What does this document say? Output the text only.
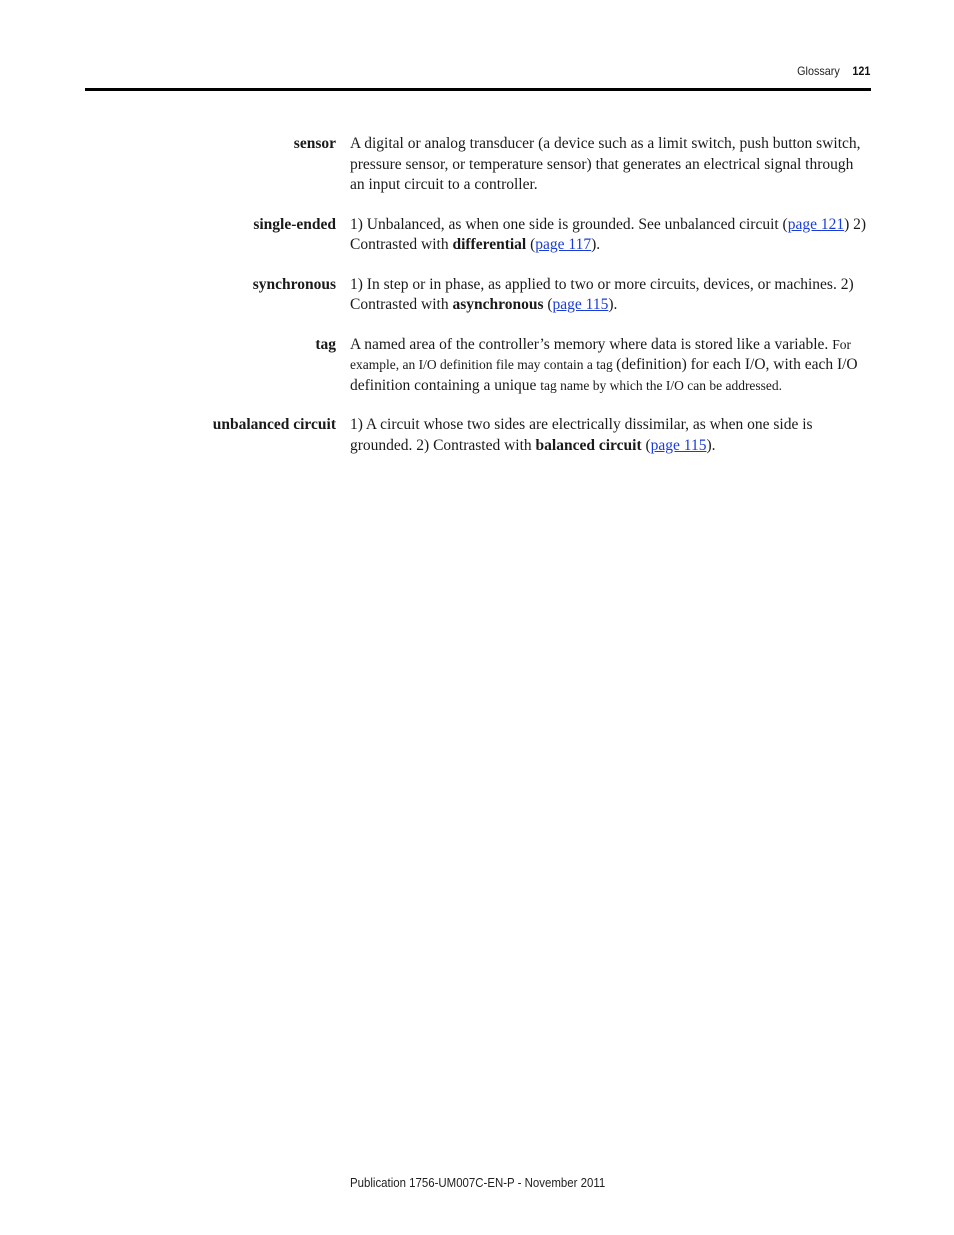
Glossary 121
sensor A digital or analog transducer (a device such as a limit switch, push button switch, pressure sensor, or temperature sensor) that generates an electrical signal through an input circuit to a controller.
single-ended 1) Unbalanced, as when one side is grounded. See unbalanced circuit (page 121) 2) Contrasted with differential (page 117).
synchronous 1) In step or in phase, as applied to two or more circuits, devices, or machines. 2) Contrasted with asynchronous (page 115).
tag A named area of the controller’s memory where data is stored like a variable. For example, an I/O definition file may contain a tag (definition) for each I/O, with each I/O definition containing a unique tag name by which the I/O can be addressed.
unbalanced circuit 1) A circuit whose two sides are electrically dissimilar, as when one side is grounded. 2) Contrasted with balanced circuit (page 115).
Publication 1756-UM007C-EN-P - November 2011
